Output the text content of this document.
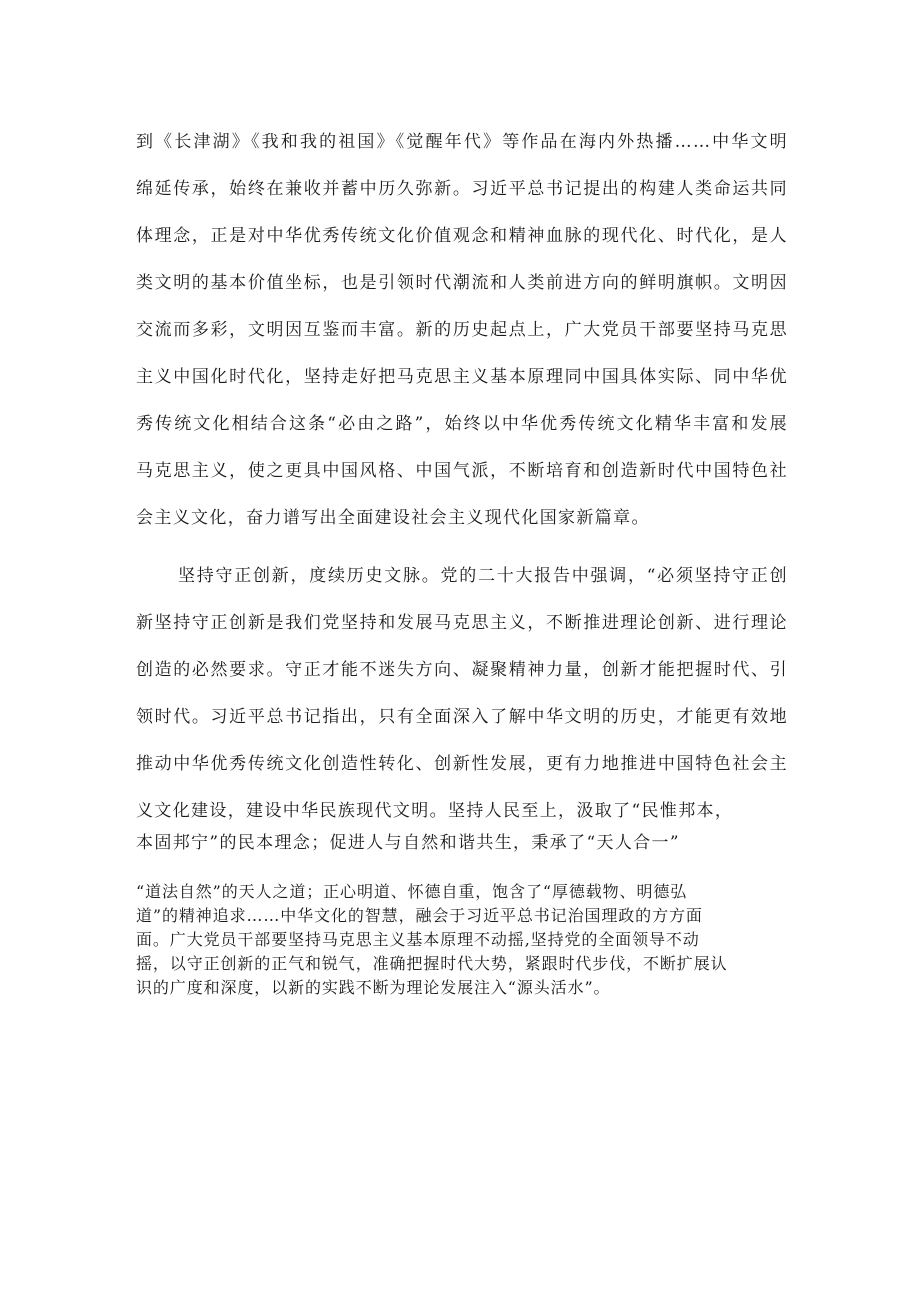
到《长津湖》《我和我的祖国》《觉醒年代》等作品在海内外热播……中华文明
绵延传承，始终在兼收并蓄中历久弥新。习近平总书记提出的构建人类命运共同
体理念，正是对中华优秀传统文化价值观念和精神血脉的现代化、时代化，是人
类文明的基本价值坐标，也是引领时代潮流和人类前进方向的鲜明旗帜。文明因
交流而多彩，文明因互鉴而丰富。新的历史起点上，广大党员干部要坚持马克思
主义中国化时代化，坚持走好把马克思主义基本原理同中国具体实际、同中华优
秀传统文化相结合这条“必由之路”，始终以中华优秀传统文化精华丰富和发展
马克思主义，使之更具中国风格、中国气派，不断培育和创造新时代中国特色社
会主义文化，奋力谱写出全面建设社会主义现代化国家新篇章。
坚持守正创新，度续历史文脉。党的二十大报告中强调，“必须坚持守正创
新坚持守正创新是我们党坚持和发展马克思主义，不断推进理论创新、进行理论
创造的必然要求。守正才能不迷失方向、凝聚精神力量，创新才能把握时代、引
领时代。习近平总书记指出，只有全面深入了解中华文明的历史，才能更有效地
推动中华优秀传统文化创造性转化、创新性发展，更有力地推进中国特色社会主
义文化建设，建设中华民族现代文明。坚持人民至上，汲取了“民惟邦本，
本固邦宁”的民本理念；促进人与自然和谐共生，秉承了“天人合一”
“道法自然”的天人之道；正心明道、怀德自重，饱含了“厚德载物、明德弘
道”的精神追求……中华文化的智慧，融会于习近平总书记治国理政的方方面
面。广大党员干部要坚持马克思主义基本原理不动摇,坚持党的全面领导不动
摇，以守正创新的正气和锐气，准确把握时代大势，紧跟时代步伐，不断扩展认
识的广度和深度，以新的实践不断为理论发展注入“源头活水”。
